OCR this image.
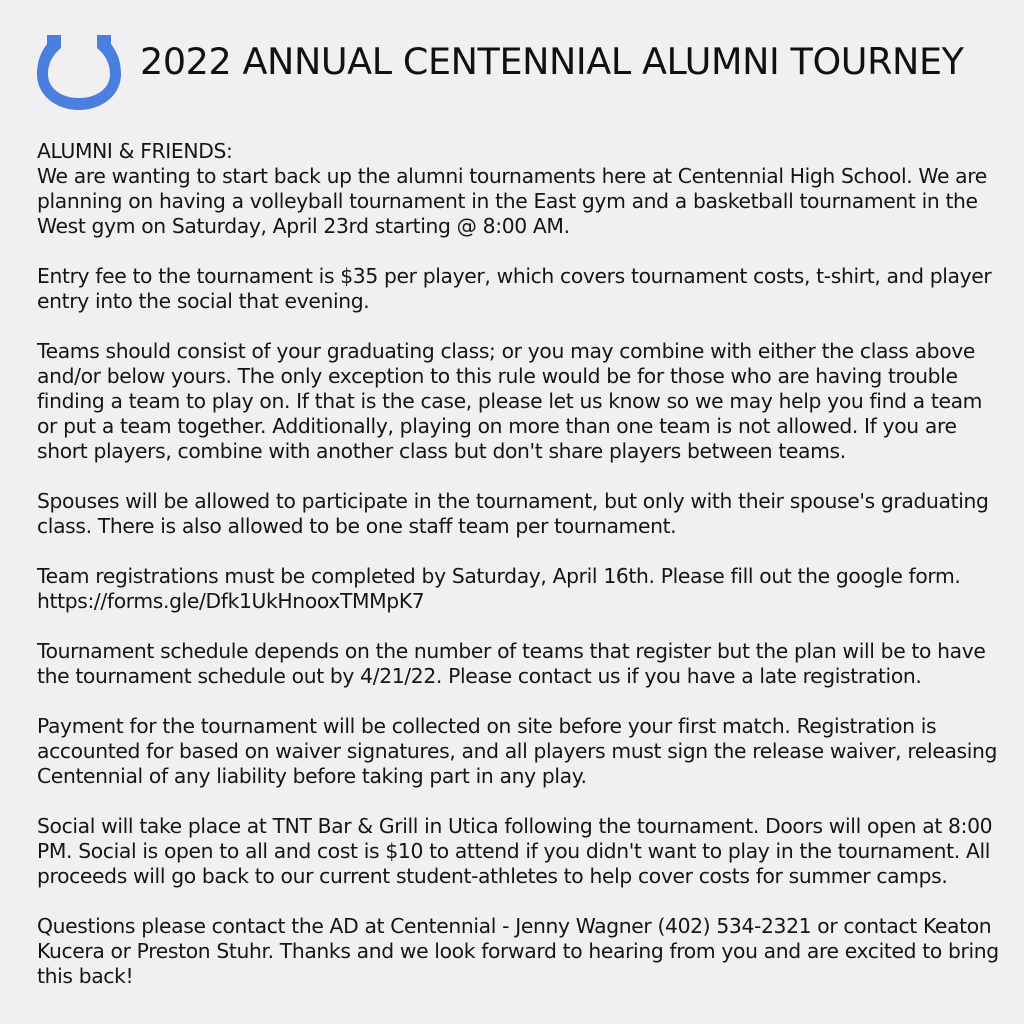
2022 ANNUAL CENTENNIAL ALUMNI TOURNEY
ALUMNI & FRIENDS:
We are wanting to start back up the alumni tournaments here at Centennial High School. We are planning on having a volleyball tournament in the East gym and a basketball tournament in the West gym on Saturday, April 23rd starting @ 8:00 AM.
Entry fee to the tournament is $35 per player, which covers tournament costs, t-shirt, and player entry into the social that evening.
Teams should consist of your graduating class; or you may combine with either the class above and/or below yours. The only exception to this rule would be for those who are having trouble finding a team to play on. If that is the case, please let us know so we may help you find a team or put a team together. Additionally, playing on more than one team is not allowed. If you are short players, combine with another class but don't share players between teams.
Spouses will be allowed to participate in the tournament, but only with their spouse's graduating class. There is also allowed to be one staff team per tournament.
Team registrations must be completed by Saturday, April 16th. Please fill out the google form.
https://forms.gle/Dfk1UkHnooxTMMpK7
Tournament schedule depends on the number of teams that register but the plan will be to have the tournament schedule out by 4/21/22. Please contact us if you have a late registration.
Payment for the tournament will be collected on site before your first match. Registration is accounted for based on waiver signatures, and all players must sign the release waiver, releasing Centennial of any liability before taking part in any play.
Social will take place at TNT Bar & Grill in Utica following the tournament. Doors will open at 8:00 PM. Social is open to all and cost is $10 to attend if you didn't want to play in the tournament. All proceeds will go back to our current student-athletes to help cover costs for summer camps.
Questions please contact the AD at Centennial - Jenny Wagner (402) 534-2321 or contact Keaton Kucera or Preston Stuhr. Thanks and we look forward to hearing from you and are excited to bring this back!
